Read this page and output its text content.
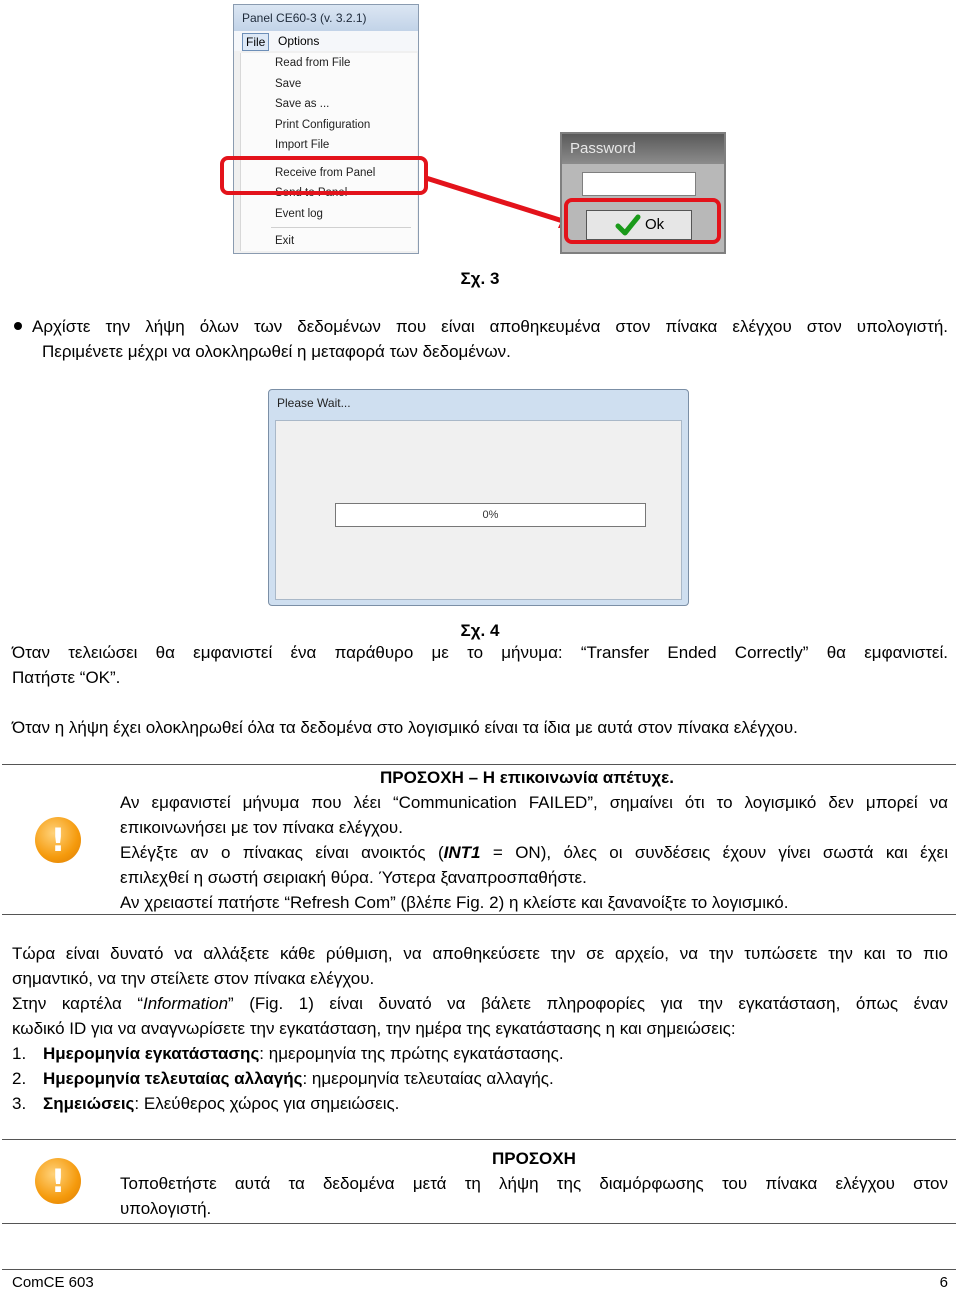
Panel CE60-3 (v. 3.2.1)
File	Options
Read from File
Save
Save as ...
Print Configuration
Import File
Receive from Panel
Send to Panel
Event log
Exit
Password
Ok
Σχ. 3
Αρχίστε την λήψη όλων των δεδομένων που είναι αποθηκευμένα στον πίνακα ελέγχου στον υπολογιστή.
Περιμένετε μέχρι να ολοκληρωθεί η μεταφορά των δεδομένων.
Please Wait...
0%
Σχ. 4
Όταν τελειώσει θα εμφανιστεί ένα παράθυρο με το μήνυμα: “Transfer Ended Correctly” θα εμφανιστεί.
Πατήστε “OK”.
Όταν η λήψη έχει ολοκληρωθεί όλα τα δεδομένα στο λογισμικό είναι τα ίδια με αυτά στον πίνακα ελέγχου.
!
ΠΡΟΣΟΧΗ – Η επικοινωνία απέτυχε.
Αν εμφανιστεί μήνυμα που λέει “Communication FAILED”, σημαίνει ότι το λογισμικό δεν μπορεί να
επικοινωνήσει με τον πίνακα ελέγχου.
Ελέγξτε αν ο πίνακας είναι ανοικτός (INT1 = ON), όλες οι συνδέσεις έχουν γίνει σωστά και έχει
επιλεχθεί η σωστή σειριακή θύρα. Ύστερα ξαναπροσπαθήστε.
Αν χρειαστεί πατήστε “Refresh Com” (βλέπε Fig. 2) η κλείστε και ξανανοίξτε το λογισμικό.
Τώρα είναι δυνατό να αλλάξετε κάθε ρύθμιση, να αποθηκεύσετε την σε αρχείο, να την τυπώσετε την και το πιο
σημαντικό, να την στείλετε στον πίνακα ελέγχου.
Στην καρτέλα “Information” (Fig. 1) είναι δυνατό να βάλετε πληροφορίες για την εγκατάσταση, όπως έναν
κωδικό ID για να αναγνωρίσετε την εγκατάσταση, την ημέρα της εγκατάστασης η και σημειώσεις:
1. Ημερομηνία εγκατάστασης: ημερομηνία της πρώτης εγκατάστασης.
2. Ημερομηνία τελευταίας αλλαγής: ημερομηνία τελευταίας αλλαγής.
3. Σημειώσεις: Ελεύθερος χώρος για σημειώσεις.
!
ΠΡΟΣΟΧΗ
Τοποθετήστε αυτά τα δεδομένα μετά τη λήψη της διαμόρφωσης του πίνακα ελέγχου στον
υπολογιστή.
ComCE 603	6
